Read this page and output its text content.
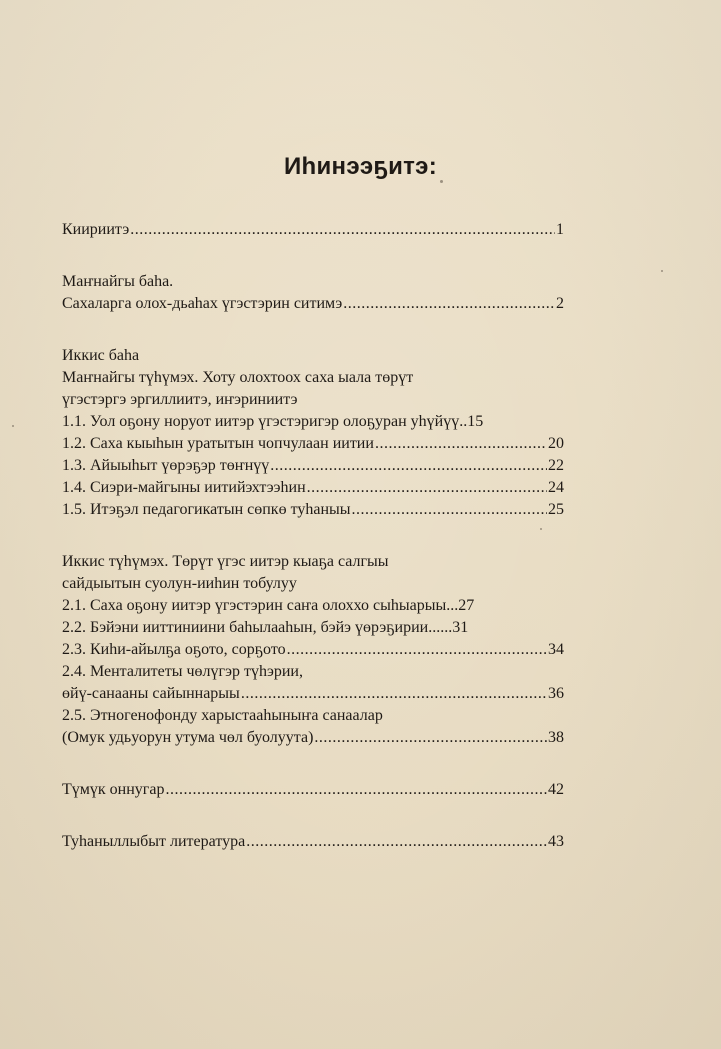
Иhинээҕитэ:
Киириитэ .....	1
Маҥнайгы баhа.
Сахаларга олох-дьаhах үгэстэрин ситимэ .....	2
Иккис баhа
Маҥнайгы түhүмэх. Хоту олохтоох саха ыала төрүт
үгэстэргэ эргиллиитэ, иҥэриниитэ
1.1. Уол оҕону норуот иитэр үгэстэригэр олоҕуран уһүйүү.. 15
1.2. Саха кыыhын уратытын чопчулаан иитии .....	20
1.3. Айыыhыт үөрэҕэр төҥнүү .....	22
1.4. Сиэри-майгыны иитийэхтээhин .....	24
1.5. Итэҕэл педагогикатын сөпкө туhаныы .....	25
Иккис түhүмэх. Төрүт үгэс иитэр кыаҕа салгыы
сайдыытын суолун-ииhин тобулуу
2.1. Саха оҕону иитэр үгэстэрин саҥа олоххо сыhыарыы... 27
2.2. Бэйэни ииттиниини баhылааhын, бэйэ үөрэҕирии...... 31
2.3. Киhи-айылҕа оҕото, сорҕото .....	34
2.4. Менталитеты чөлүгэр түhэрии,
өйү-санааны сайыннарыы .....	36
2.5. Этногенофонду харыстааhыныҥа санаалар
(Омук удьуорун утума чөл буолуута) .....	38
Түмүк оннугар .....	42
Туhаныллыбыт литература .....	43
